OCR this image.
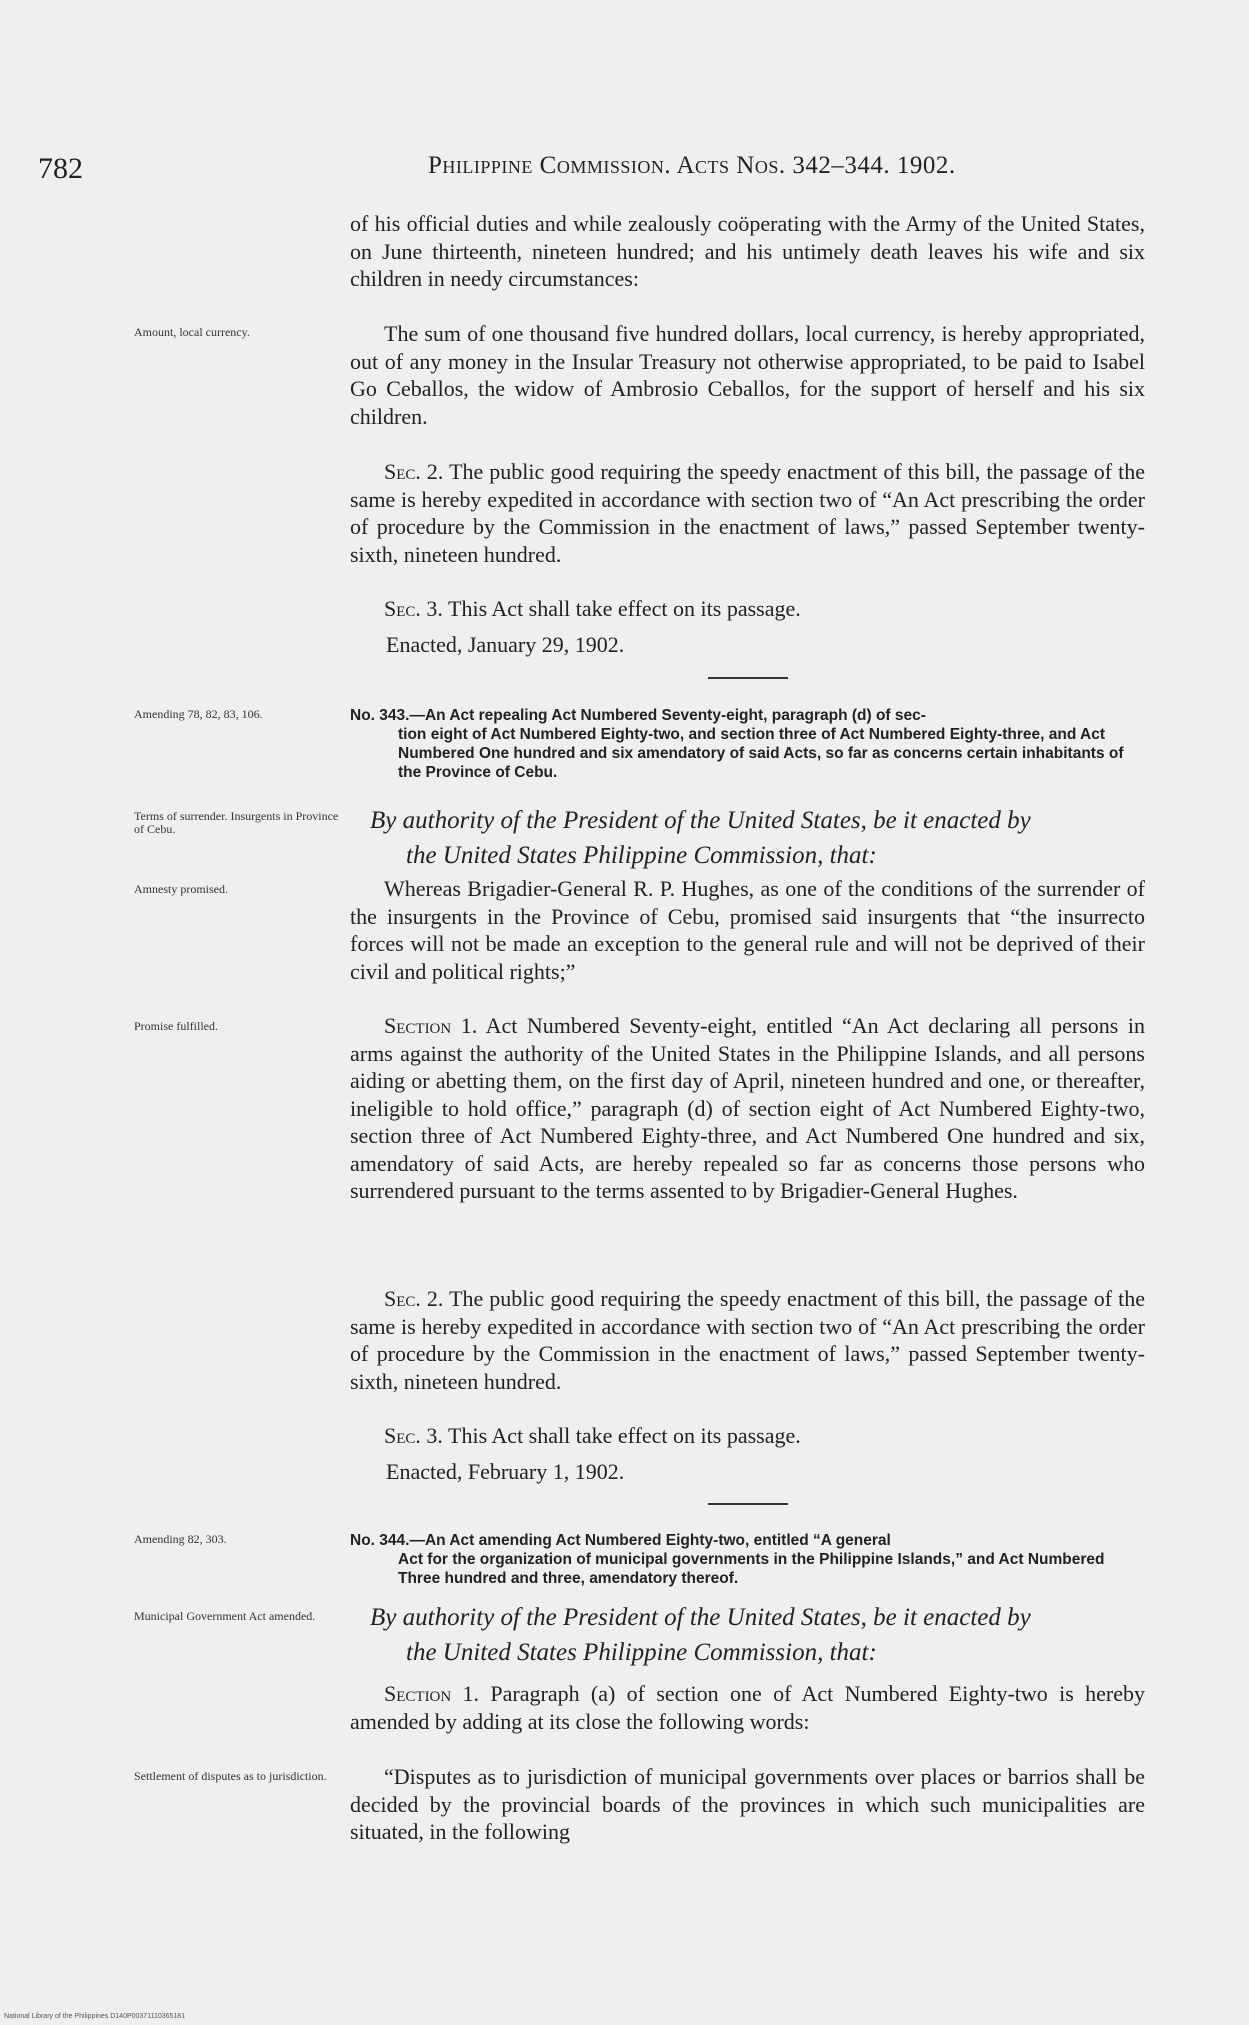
782	Philippine Commission. Acts Nos. 342–344. 1902.
of his official duties and while zealously coöperating with the Army of the United States, on June thirteenth, nineteen hundred; and his untimely death leaves his wife and six children in needy circumstances:
Amount, local currency.	The sum of one thousand five hundred dollars, local currency, is hereby appropriated, out of any money in the Insular Treasury not otherwise appropriated, to be paid to Isabel Go Ceballos, the widow of Ambrosio Ceballos, for the support of herself and his six children.
Sec. 2. The public good requiring the speedy enactment of this bill, the passage of the same is hereby expedited in accordance with section two of “An Act prescribing the order of procedure by the Commission in the enactment of laws,” passed September twenty-sixth, nineteen hundred.
Sec. 3. This Act shall take effect on its passage.
Enacted, January 29, 1902.
Amending 78, 82, 83, 106.	No. 343.—An Act repealing Act Numbered Seventy-eight, paragraph (d) of sec-
tion eight of Act Numbered Eighty-two, and section three of Act Numbered Eighty-three, and Act Numbered One hundred and six amendatory of said Acts, so far as concerns certain inhabitants of the Province of Cebu.
Terms of surrender. Insurgents in Province of Cebu.	By authority of the President of the United States, be it enacted by
the United States Philippine Commission, that:
Amnesty promised.	Whereas Brigadier-General R. P. Hughes, as one of the conditions of the surrender of the insurgents in the Province of Cebu, promised said insurgents that “the insurrecto forces will not be made an exception to the general rule and will not be deprived of their civil and political rights;”
Promise fulfilled.	Section 1. Act Numbered Seventy-eight, entitled “An Act declaring all persons in arms against the authority of the United States in the Philippine Islands, and all persons aiding or abetting them, on the first day of April, nineteen hundred and one, or thereafter, ineligible to hold office,” paragraph (d) of section eight of Act Numbered Eighty-two, section three of Act Numbered Eighty-three, and Act Numbered One hundred and six, amendatory of said Acts, are hereby repealed so far as concerns those persons who surrendered pursuant to the terms assented to by Brigadier-General Hughes.
Sec. 2. The public good requiring the speedy enactment of this bill, the passage of the same is hereby expedited in accordance with section two of “An Act prescribing the order of procedure by the Commission in the enactment of laws,” passed September twenty-sixth, nineteen hundred.
Sec. 3. This Act shall take effect on its passage.
Enacted, February 1, 1902.
Amending 82, 303.	No. 344.—An Act amending Act Numbered Eighty-two, entitled “A general
Act for the organization of municipal governments in the Philippine Islands,” and Act Numbered Three hundred and three, amendatory thereof.
Municipal Government Act amended.	By authority of the President of the United States, be it enacted by
the United States Philippine Commission, that:
Section 1. Paragraph (a) of section one of Act Numbered Eighty-two is hereby amended by adding at its close the following words:
Settlement of disputes as to jurisdiction.	“Disputes as to jurisdiction of municipal governments over places or barrios shall be decided by the provincial boards of the provinces in which such municipalities are situated, in the following
National Library of the Philippines D140P00371110365181
